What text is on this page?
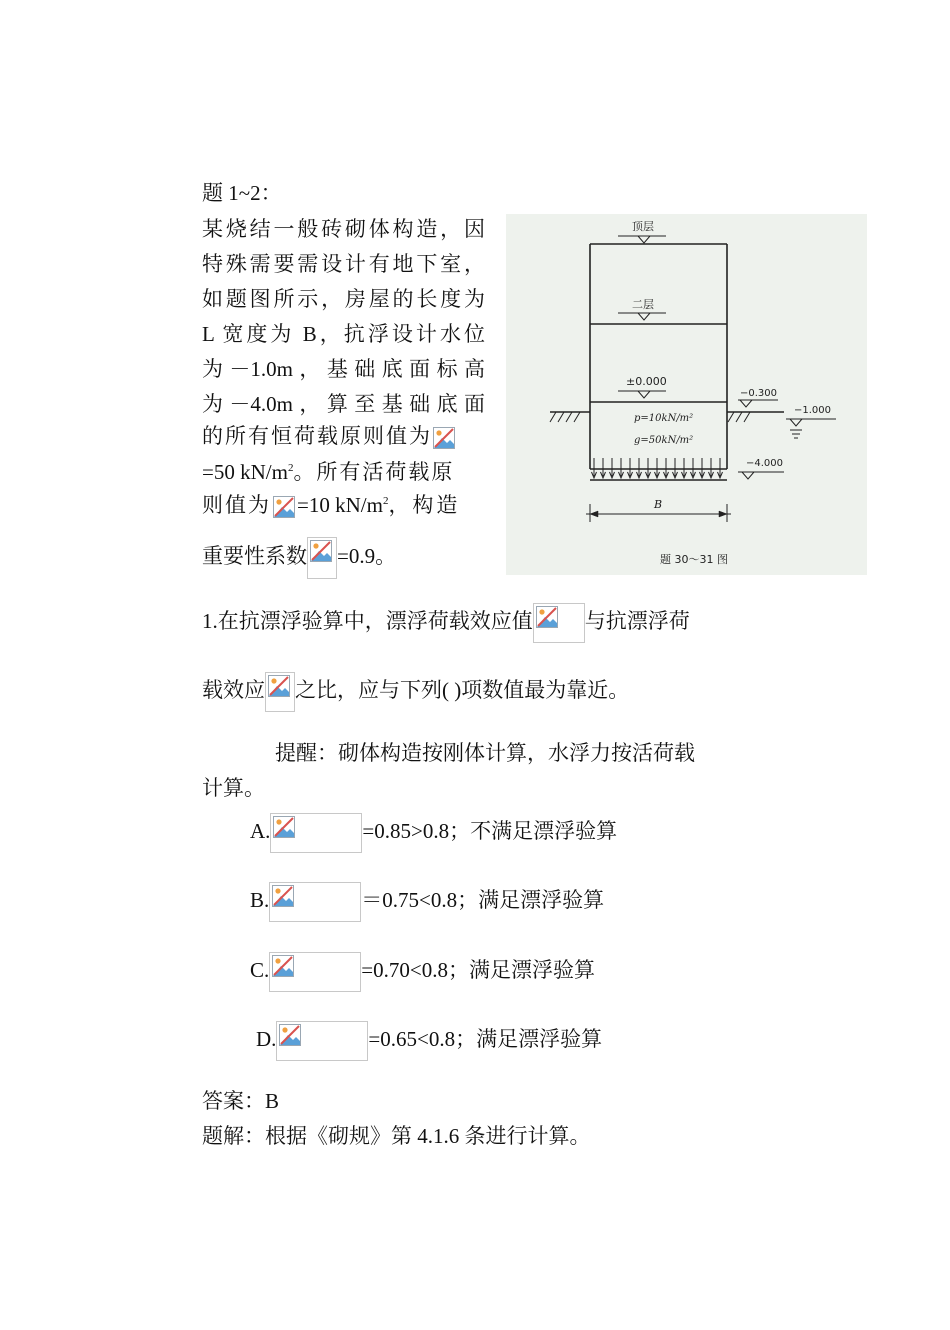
题 1~2：
某烧结一般砖砌体构造，因
特殊需要需设计有地下室，
如题图所示，房屋的长度为
L 宽度为 B，抗浮设计水位
为－1.0m，基础底面标高
为－4.0m，算至基础底面
的所有恒荷载原则值为
=50 $kN/m^2$。所有活荷载原
则值为 =10 $kN/m^2$，构造
重要性系数 =0.9。
顶层
二层
±0.000
p=10kN/m²
g=50kN/m²
−0.300
−1.000
−4.000
B
题 30～31 图
1.在抗漂浮验算中，漂浮荷载效应值 与抗漂浮荷
载效应 之比，应与下列( )项数值最为靠近。
提醒：砌体构造按刚体计算，水浮力按活荷载
计算。
A.	=0.85>0.8；不满足漂浮验算
B.	＝0.75<0.8；满足漂浮验算
C.	=0.70<0.8；满足漂浮验算
D.	=0.65<0.8；满足漂浮验算
答案：B
题解：根据《砌规》第 4.1.6 条进行计算。
